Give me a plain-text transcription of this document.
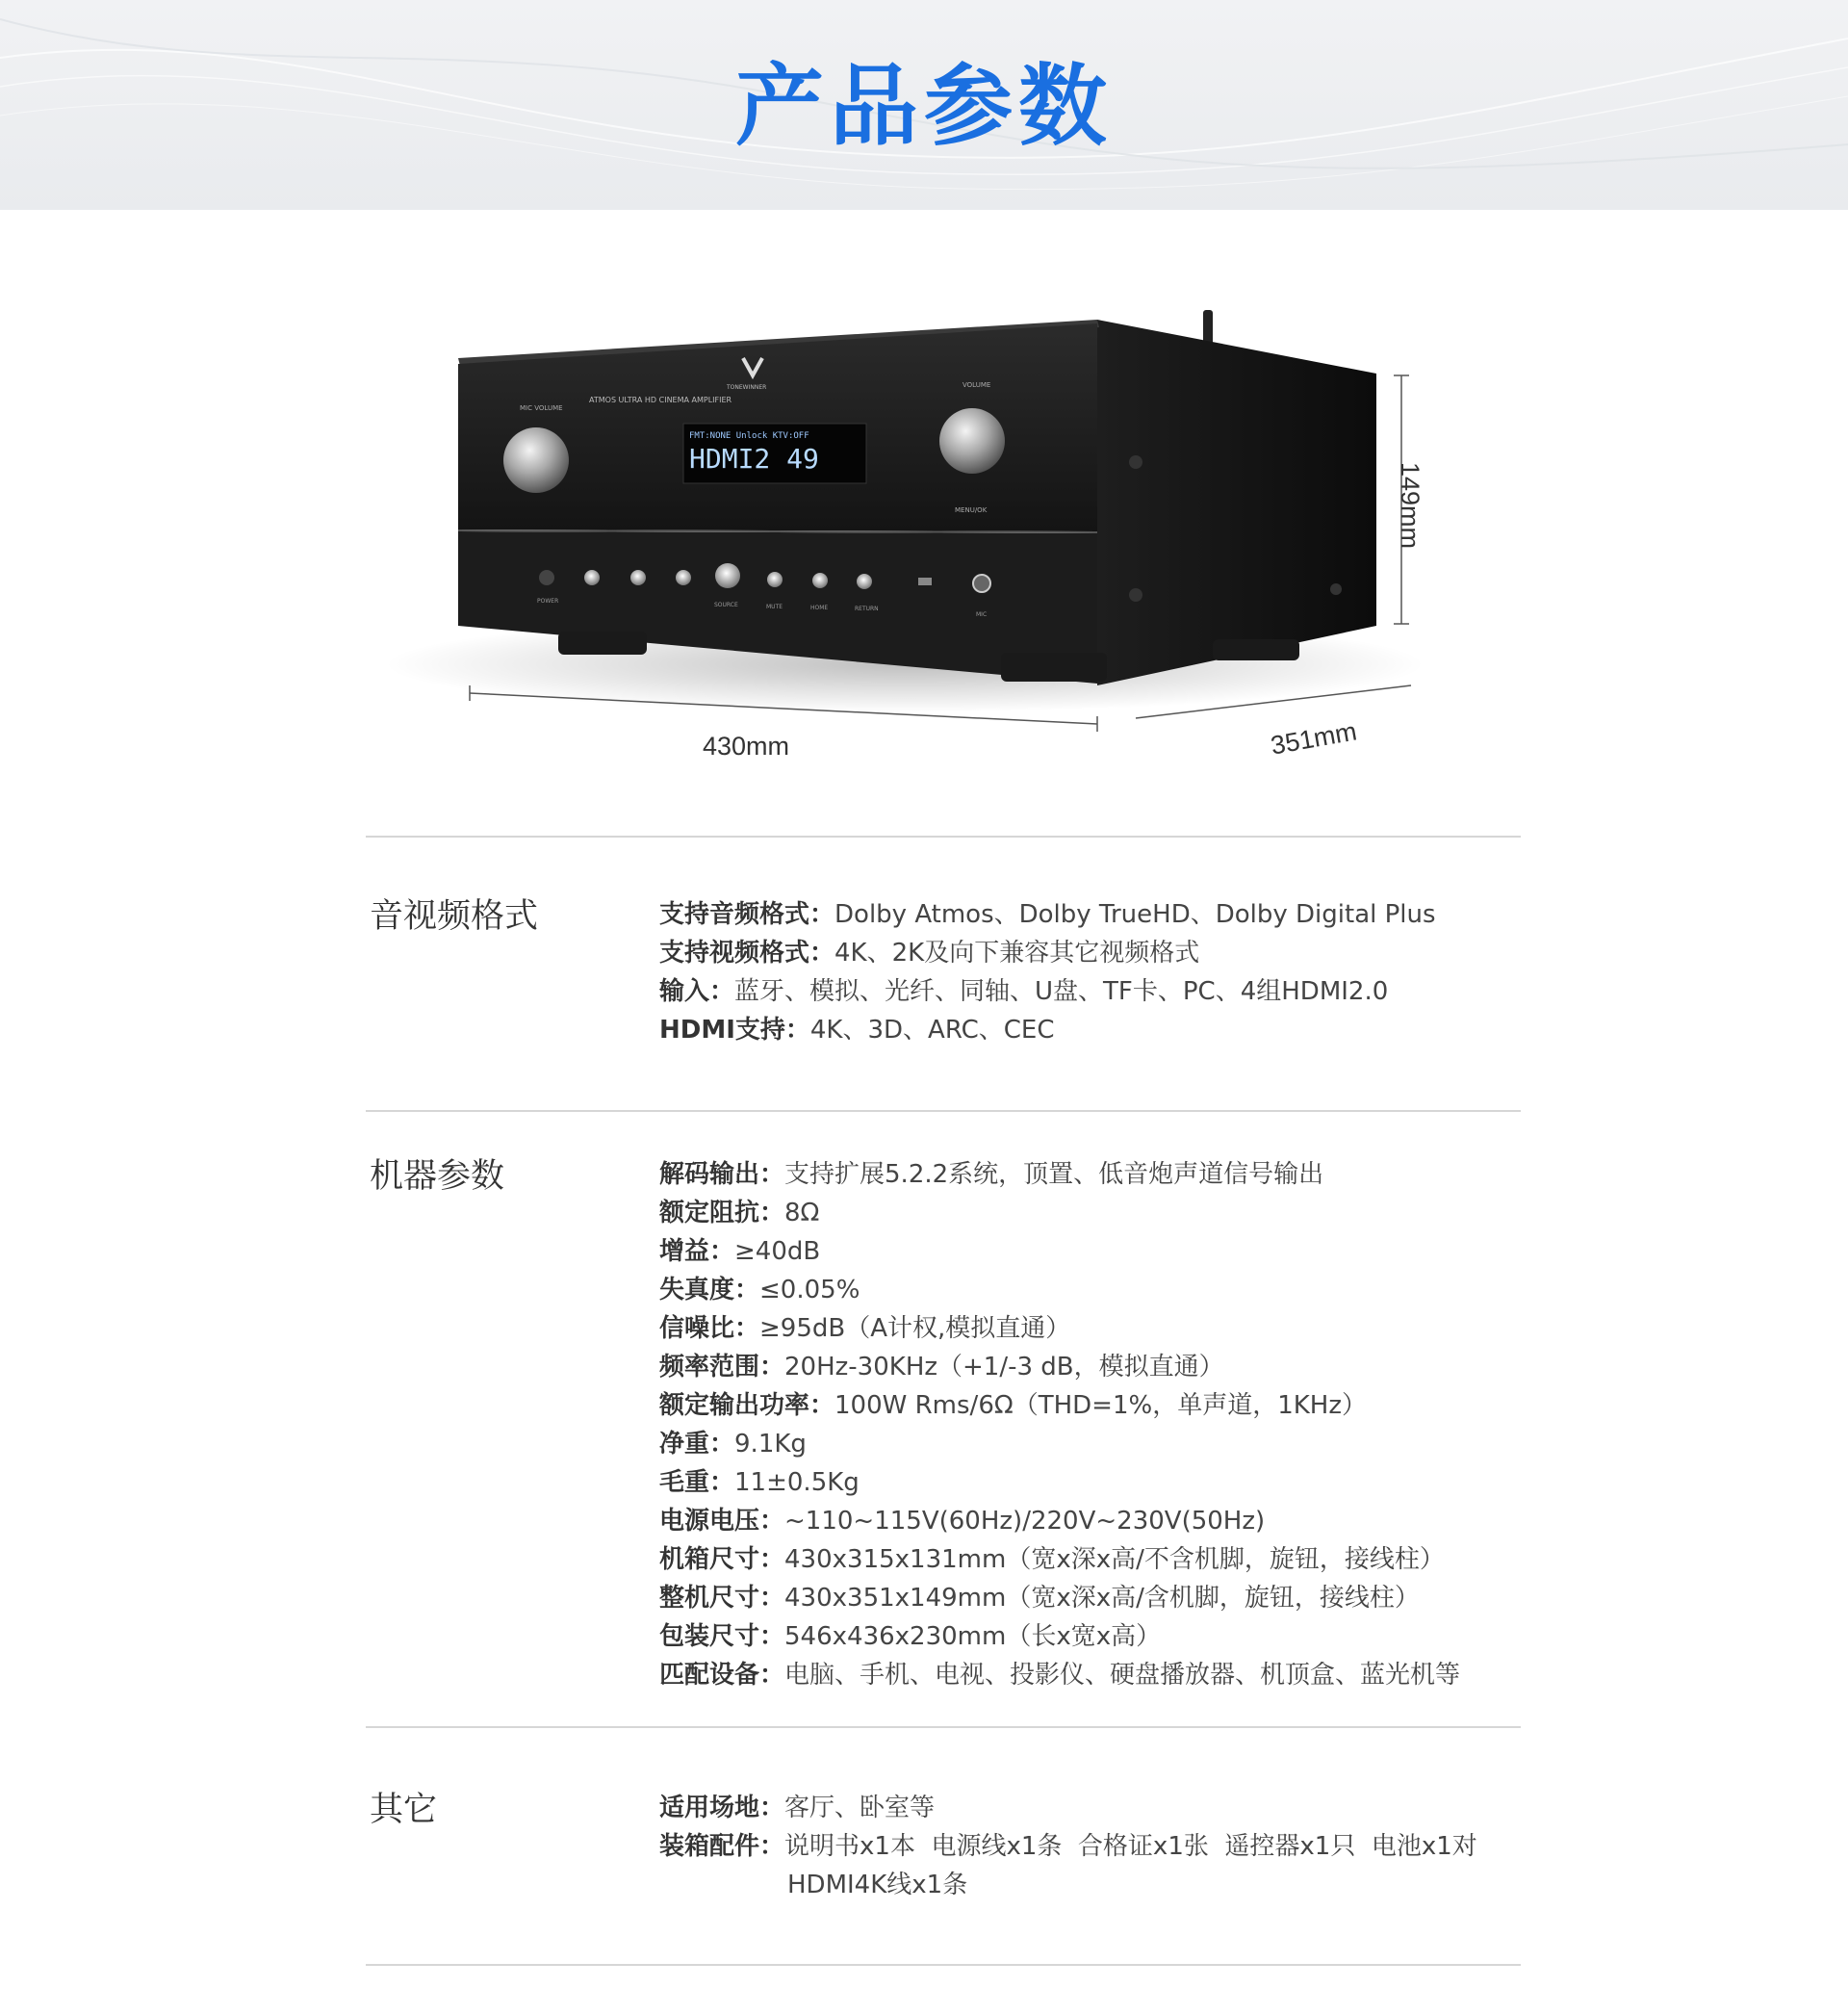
产品参数
FMT:NONE Unlock KTV:OFF
HDMI2 49
MIC VOLUME
VOLUME
MENU/OK
ATMOS ULTRA HD CINEMA AMPLIFIER
TONEWINNER
POWER
SOURCE	MUTE	HOME	RETURN
MIC
430mm	351mm
149mm
音视频格式	支持音频格式：Dolby Atmos、Dolby TrueHD、Dolby Digital Plus
支持视频格式：4K、2K及向下兼容其它视频格式
输入：蓝牙、模拟、光纤、同轴、U盘、TF卡、PC、4组HDMI2.0
HDMI支持：4K、3D、ARC、CEC
机器参数	解码输出：支持扩展5.2.2系统，顶置、低音炮声道信号输出
额定阻抗：8Ω
增益：≥40dB
失真度：≤0.05%
信噪比：≥95dB（A计权,模拟直通）
频率范围：20Hz-30KHz（+1/-3 dB，模拟直通）
额定输出功率：100W Rms/6Ω（THD=1%，单声道，1KHz）
净重：9.1Kg
毛重：11±0.5Kg
电源电压：~110~115V(60Hz)/220V~230V(50Hz)
机箱尺寸：430x315x131mm（宽x深x高/不含机脚，旋钮，接线柱）
整机尺寸：430x351x149mm（宽x深x高/含机脚，旋钮，接线柱）
包装尺寸：546x436x230mm（长x宽x高）
匹配设备：电脑、手机、电视、投影仪、硬盘播放器、机顶盒、蓝光机等
其它	适用场地：客厅、卧室等
装箱配件：说明书x1本  电源线x1条  合格证x1张  遥控器x1只  电池x1对
HDMI4K线x1条
